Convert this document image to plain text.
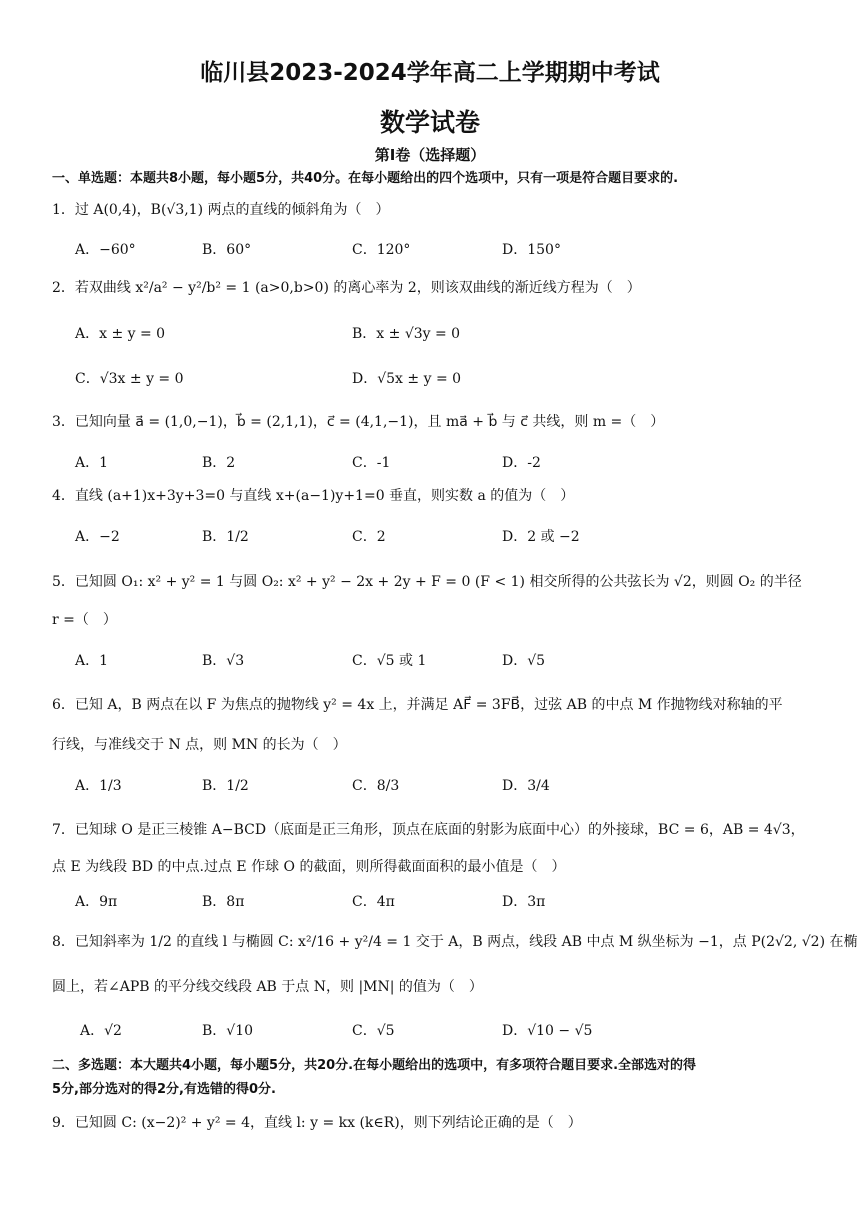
临川县2023-2024学年高二上学期期中考试
数学试卷
第Ⅰ卷（选择题）
一、单选题：本题共8小题，每小题5分，共40分。在每小题给出的四个选项中，只有一项是符合题目要求的.
1．过 A(0,4)，B(√3,1) 两点的直线的倾斜角为（　）
A．−60°	B．60°	C．120°	D．150°
2．若双曲线 x²/a² − y²/b² = 1 (a>0,b>0) 的离心率为 2，则该双曲线的渐近线方程为（　）
A．x ± y = 0	B．x ± √3y = 0
C．√3x ± y = 0	D．√5x ± y = 0
3．已知向量 a⃗ = (1,0,−1)，b⃗ = (2,1,1)，c⃗ = (4,1,−1)，且 ma⃗ + b⃗ 与 c⃗ 共线，则 m =（　）
A．1	B．2	C．-1	D．-2
4．直线 (a+1)x+3y+3=0 与直线 x+(a−1)y+1=0 垂直，则实数 a 的值为（　）
A．−2	B．1/2	C．2	D．2 或 −2
5．已知圆 O₁: x² + y² = 1 与圆 O₂: x² + y² − 2x + 2y + F = 0 (F < 1) 相交所得的公共弦长为 √2，则圆 O₂ 的半径
r =（　）
A．1	B．√3	C．√5 或 1	D．√5
6．已知 A，B 两点在以 F 为焦点的抛物线 y² = 4x 上，并满足 AF⃗ = 3FB⃗，过弦 AB 的中点 M 作抛物线对称轴的平
行线，与准线交于 N 点，则 MN 的长为（　）
A．1/3	B．1/2	C．8/3	D．3/4
7．已知球 O 是正三棱锥 A−BCD（底面是正三角形，顶点在底面的射影为底面中心）的外接球，BC = 6，AB = 4√3，
点 E 为线段 BD 的中点.过点 E 作球 O 的截面，则所得截面面积的最小值是（　）
A．9π	B．8π	C．4π	D．3π
8．已知斜率为 1/2 的直线 l 与椭圆 C: x²/16 + y²/4 = 1 交于 A，B 两点，线段 AB 中点 M 纵坐标为 −1，点 P(2√2, √2) 在椭
圆上，若∠APB 的平分线交线段 AB 于点 N，则 |MN| 的值为（　）
A．√2	B．√10	C．√5	D．√10 − √5
二、多选题：本大题共4小题，每小题5分，共20分.在每小题给出的选项中，有多项符合题目要求.全部选对的得
5分,部分选对的得2分,有选错的得0分.
9．已知圆 C: (x−2)² + y² = 4，直线 l: y = kx (k∈R)，则下列结论正确的是（　）
